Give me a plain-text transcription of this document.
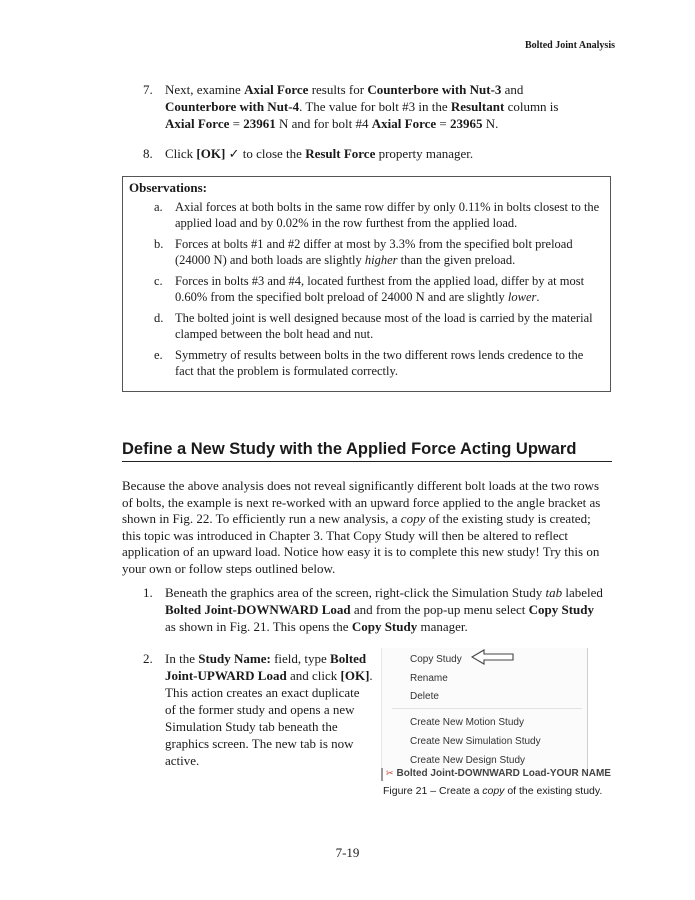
Bolted Joint Analysis
7. Next, examine Axial Force results for Counterbore with Nut-3 and
Counterbore with Nut-4. The value for bolt #3 in the Resultant column is
Axial Force = 23961 N and for bolt #4 Axial Force = 23965 N.
8. Click [OK] ✓ to close the Result Force property manager.
Observations:
a. Axial forces at both bolts in the same row differ by only 0.11% in bolts closest to the applied load and by 0.02% in the row furthest from the applied load.
b. Forces at bolts #1 and #2 differ at most by 3.3% from the specified bolt preload (24000 N) and both loads are slightly higher than the given preload.
c. Forces in bolts #3 and #4, located furthest from the applied load, differ by at most 0.60% from the specified bolt preload of 24000 N and are slightly lower.
d. The bolted joint is well designed because most of the load is carried by the material clamped between the bolt head and nut.
e. Symmetry of results between bolts in the two different rows lends credence to the fact that the problem is formulated correctly.
Define a New Study with the Applied Force Acting Upward
Because the above analysis does not reveal significantly different bolt loads at the two rows of bolts, the example is next re-worked with an upward force applied to the angle bracket as shown in Fig. 22. To efficiently run a new analysis, a copy of the existing study is created; this topic was introduced in Chapter 3. That Copy Study will then be altered to reflect application of an upward load. Notice how easy it is to complete this new study! Try this on your own or follow steps outlined below.
1. Beneath the graphics area of the screen, right-click the Simulation Study tab labeled Bolted Joint-DOWNWARD Load and from the pop-up menu select Copy Study as shown in Fig. 21. This opens the Copy Study manager.
2. In the Study Name: field, type Bolted Joint-UPWARD Load and click [OK]. This action creates an exact duplicate of the former study and opens a new Simulation Study tab beneath the graphics screen. The new tab is now active.
Copy Study
Rename
Delete
Create New Motion Study
Create New Simulation Study
Create New Design Study
✂ Bolted Joint-DOWNWARD Load-YOUR NAME
Figure 21 – Create a copy of the existing study.
7-19
